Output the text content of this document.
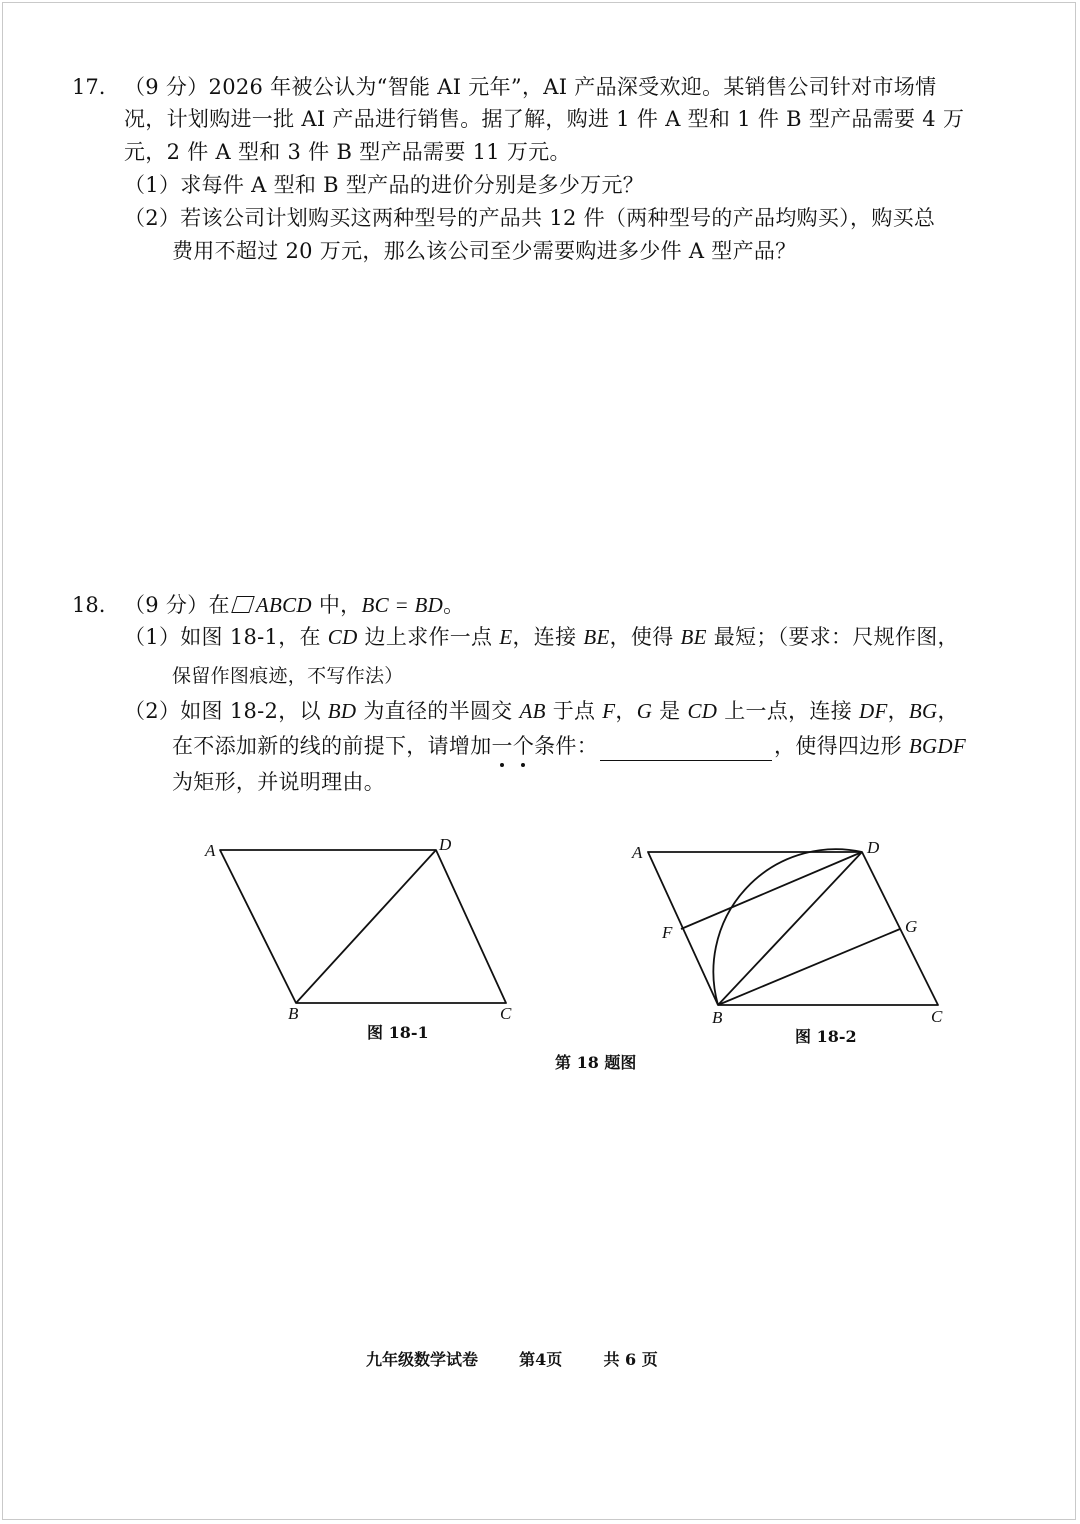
17. （9 分）2026 年被公认为“智能 AI 元年”，AI 产品深受欢迎。某销售公司针对市场情
况，计划购进一批 AI 产品进行销售。据了解，购进 1 件 A 型和 1 件 B 型产品需要 4 万
元，2 件 A 型和 3 件 B 型产品需要 11 万元。
（1）求每件 A 型和 B 型产品的进价分别是多少万元？
（2）若该公司计划购买这两种型号的产品共 12 件（两种型号的产品均购买），购买总
费用不超过 20 万元，那么该公司至少需要购进多少件 A 型产品？
18. （9 分）在 ABCD 中，BC = BD。
（1）如图 18-1，在 CD 边上求作一点 E，连接 BE，使得 BE 最短；（要求：尺规作图，
保留作图痕迹，不写作法）
（2）如图 18-2，以 BD 为直径的半圆交 AB 于点 F，G 是 CD 上一点，连接 DF，BG，
在不添加新的线的前提下，请增加一个条件：	，使得四边形 BGDF
为矩形，并说明理由。
A	D
B	C
A	D
F	G
B	C
图 18-1	图 18-2
第 18 题图
九年级数学试卷	第4页	共 6 页
